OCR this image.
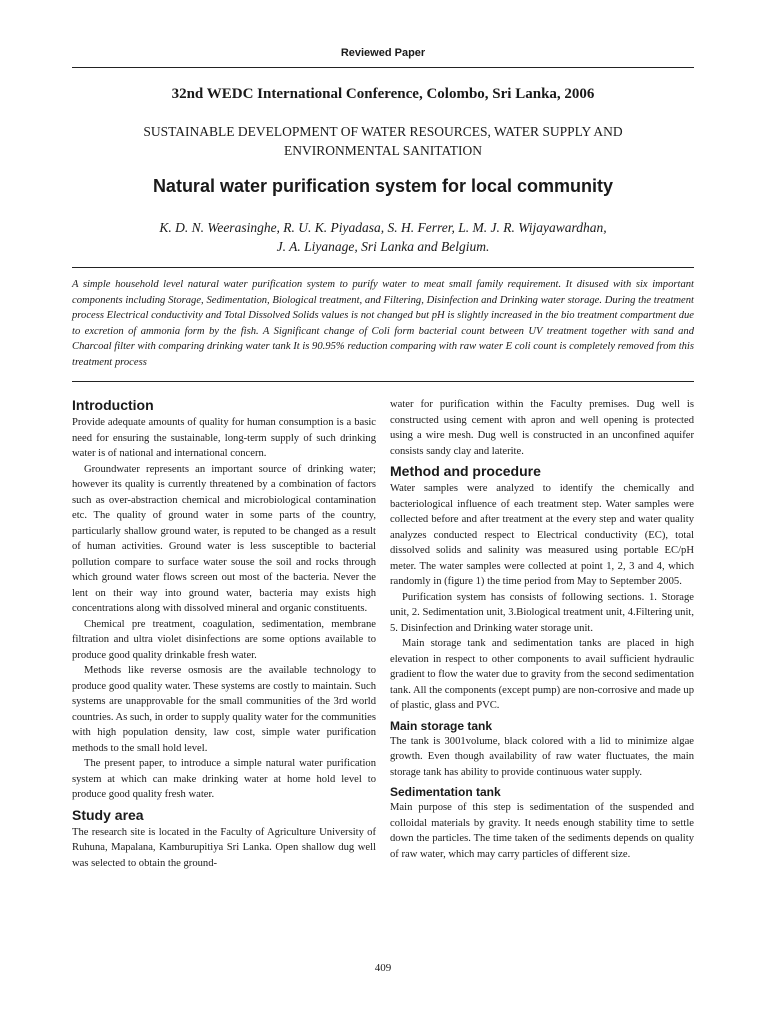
Reviewed Paper
32nd WEDC International Conference, Colombo, Sri Lanka, 2006
SUSTAINABLE DEVELOPMENT OF WATER RESOURCES, WATER SUPPLY AND
ENVIRONMENTAL SANITATION
Natural water purification system for local community
K. D. N. Weerasinghe, R. U. K. Piyadasa, S. H. Ferrer, L. M. J. R. Wijayawardhan,
J. A. Liyanage, Sri Lanka and Belgium.
A simple household level natural water purification system to purify water to meat small family requirement. It disused with six important components including Storage, Sedimentation, Biological treatment, and Filtering, Disinfection and Drinking water storage. During the treatment process Electrical conductivity and Total Dissolved Solids values is not changed but pH is slightly increased in the bio treatment compartment due to excretion of ammonia form by the fish. A Significant change of Coli form bacterial count between UV treatment together with sand and Charcoal filter with comparing drinking water tank It is 90.95% reduction comparing with raw water E coli count is completely removed from this treatment process
Introduction

Provide adequate amounts of quality for human consumption is a basic need for ensuring the sustainable, long-term supply of such drinking water is of national and international concern.

Groundwater represents an important source of drinking water; however its quality is currently threatened by a combination of factors such as over-abstraction chemical and microbiological contamination etc. The quality of ground water in some parts of the country, particularly shallow ground water, is reputed to be changed as a result of human activities. Ground water is less susceptible to bacterial pollution compare to surface water souse the soil and rocks through which ground water flows screen out most of the bacteria. Never the lent on their way into ground water, bacteria may exists high concentrations along with dissolved mineral and organic constituents.

Chemical pre treatment, coagulation, sedimentation, membrane filtration and ultra violet disinfections are some options available to produce good quality drinkable fresh water.

Methods like reverse osmosis are the available technology to produce good quality water. These systems are costly to maintain. Such systems are unapprovable for the small communities of the 3rd world countries. As such, in order to supply quality water for the communities with high population density, law cost, simple water purification methods to the small hold level.

The present paper, to introduce a simple natural water purification system at which can make drinking water at home hold level to produce good quality fresh water.

Study area

The research site is located in the Faculty of Agriculture University of Ruhuna, Mapalana, Kamburupitiya Sri Lanka. Open shallow dug well was selected to obtain the ground-

water for purification within the Faculty premises. Dug well is constructed using cement with apron and well opening is protected using a wire mesh. Dug well is constructed in an unconfined aquifer consists sandy clay and laterite.

Method and procedure

Water samples were analyzed to identify the chemically and bacteriological influence of each treatment step. Water samples were collected before and after treatment at the every step and water quality analyzes conducted respect to Electrical conductivity (EC), total dissolved solids and salinity was measured using portable EC/pH meter. The water samples were collected at point 1, 2, 3 and 4, which randomly in (figure 1) the time period from May to September 2005.

Purification system has consists of following sections. 1. Storage unit, 2. Sedimentation unit, 3.Biological treatment unit, 4.Filtering unit, 5. Disinfection and Drinking water storage unit.

Main storage tank and sedimentation tanks are placed in high elevation in respect to other components to avail sufficient hydraulic gradient to flow the water due to gravity from the second sedimentation tank. All the components (except pump) are non-corrosive and made up of plastic, glass and PVC.

Main storage tank

The tank is 3001volume, black colored with a lid to minimize algae growth. Even though availability of raw water fluctuates, the main storage tank has ability to provide continuous water supply.

Sedimentation tank

Main purpose of this step is sedimentation of the suspended and colloidal materials by gravity. It needs enough stability time to settle down the particles. The time taken of the sediments depends on quality of raw water, which may carry particles of different size.

409
